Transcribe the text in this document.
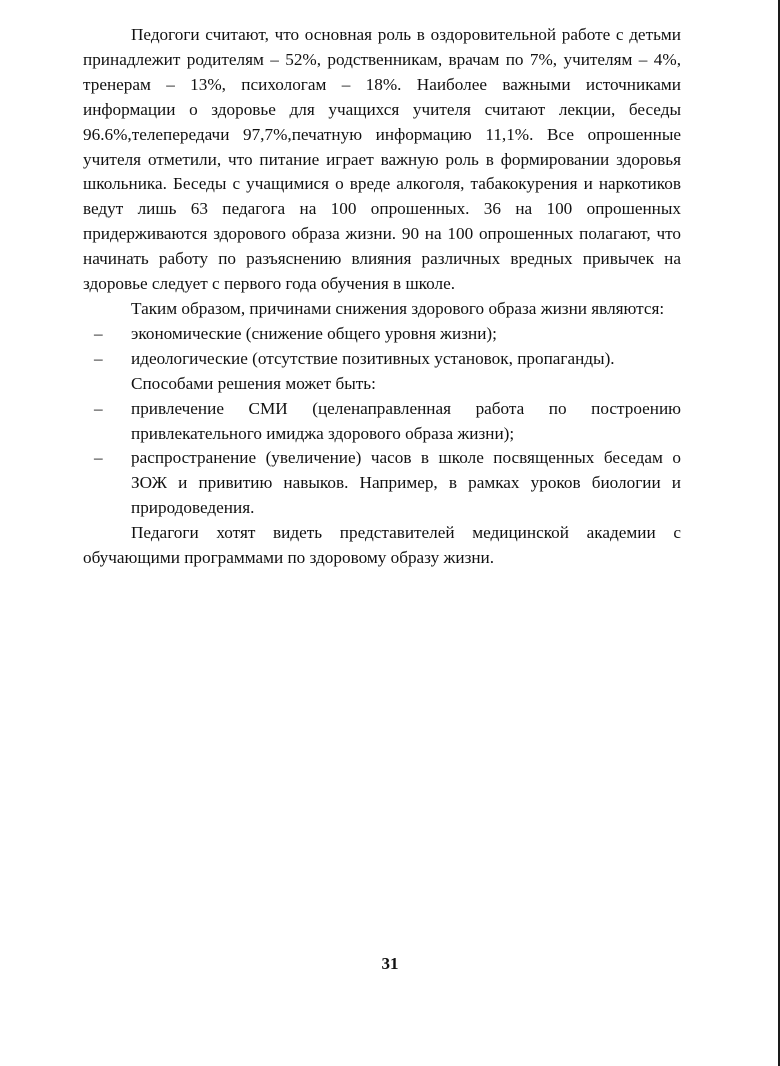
Педогоги считают, что основная роль в оздоровительной работе с детьми принадлежит родителям – 52%, родственникам, врачам по 7%, учителям – 4%, тренерам – 13%, психологам – 18%. Наиболее важными источниками информации о здоровье для учащихся учителя считают лекции, беседы 96.6%,телепередачи 97,7%,печатную информацию 11,1%. Все опрошенные учителя отметили, что питание играет важную роль в формировании здоровья школьника. Беседы с учащимися о вреде алкоголя, табакокурения и наркотиков ведут лишь 63 педагога на 100 опрошенных. 36 на 100 опрошенных придерживаются здорового образа жизни. 90 на 100 опрошенных полагают, что начинать работу по разъяснению влияния различных вредных привычек на здоровье следует с первого года обучения в школе.

Таким образом, причинами снижения здорового образа жизни являются:

– экономические (снижение общего уровня жизни);
– идеологические (отсутствие позитивных установок, пропаганды).

Способами решения может быть:

– привлечение СМИ (целенаправленная работа по построению привлекательного имиджа здорового образа жизни);
– распространение (увеличение) часов в школе посвященных беседам о ЗОЖ и привитию навыков. Например, в рамках уроков биологии и природоведения.

Педагоги хотят видеть представителей медицинской академии с обучающими программами по здоровому образу жизни.

31
